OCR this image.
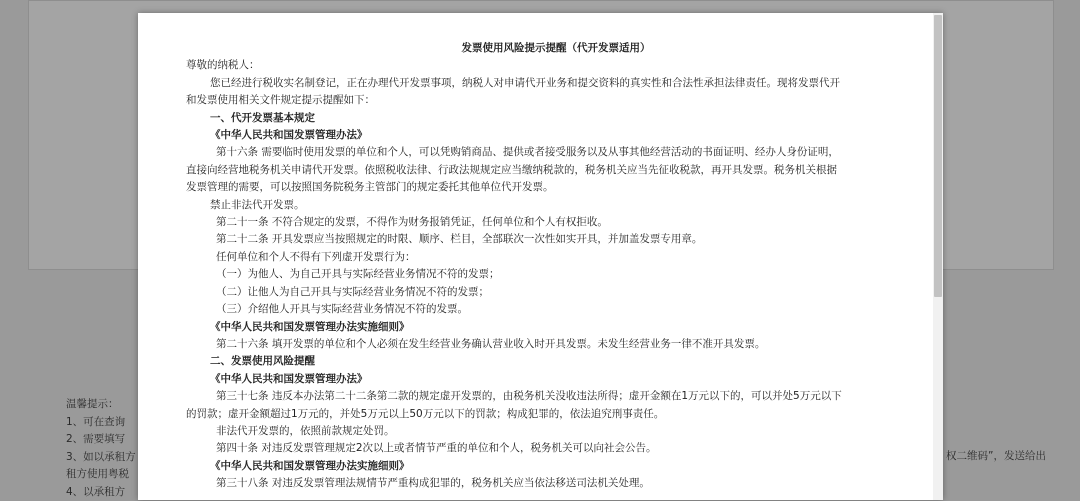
温馨提示：
1、可在查询
2、需要填写
3、如以承租方
租方使用粤税
4、以承租方
权二维码”，发送给出
发票使用风险提示提醒（代开发票适用）
尊敬的纳税人：
您已经进行税收实名制登记，正在办理代开发票事项，纳税人对申请代开业务和提交资料的真实性和合法性承担法律责任。现将发票代开
和发票使用相关文件规定提示提醒如下：
一、代开发票基本规定
《中华人民共和国发票管理办法》
第十六条 需要临时使用发票的单位和个人，可以凭购销商品、提供或者接受服务以及从事其他经营活动的书面证明、经办人身份证明，
直接向经营地税务机关申请代开发票。依照税收法律、行政法规规定应当缴纳税款的，税务机关应当先征收税款，再开具发票。税务机关根据
发票管理的需要，可以按照国务院税务主管部门的规定委托其他单位代开发票。
禁止非法代开发票。
第二十一条 不符合规定的发票，不得作为财务报销凭证，任何单位和个人有权拒收。
第二十二条 开具发票应当按照规定的时限、顺序、栏目，全部联次一次性如实开具，并加盖发票专用章。
任何单位和个人不得有下列虚开发票行为：
（一）为他人、为自己开具与实际经营业务情况不符的发票；
（二）让他人为自己开具与实际经营业务情况不符的发票；
（三）介绍他人开具与实际经营业务情况不符的发票。
《中华人民共和国发票管理办法实施细则》
第二十六条 填开发票的单位和个人必须在发生经营业务确认营业收入时开具发票。未发生经营业务一律不准开具发票。
二、发票使用风险提醒
《中华人民共和国发票管理办法》
第三十七条 违反本办法第二十二条第二款的规定虚开发票的，由税务机关没收违法所得；虚开金额在1万元以下的，可以并处5万元以下
的罚款；虚开金额超过1万元的，并处5万元以上50万元以下的罚款；构成犯罪的，依法追究刑事责任。
非法代开发票的，依照前款规定处罚。
第四十条 对违反发票管理规定2次以上或者情节严重的单位和个人，税务机关可以向社会公告。
《中华人民共和国发票管理办法实施细则》
第三十八条 对违反发票管理法规情节严重构成犯罪的，税务机关应当依法移送司法机关处理。
